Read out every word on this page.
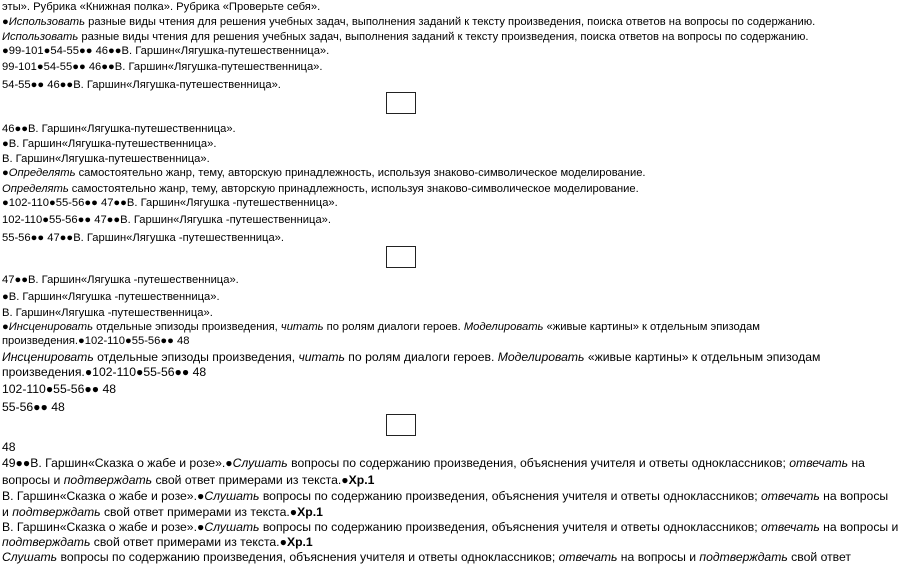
эты». Рубрика «Книжная полка». Рубрика «Проверьте себя».
●Использовать разные виды чтения для решения учебных задач, выполнения заданий к тексту произведения, поиска ответов на вопросы по содержанию.
Использовать разные виды чтения для решения учебных задач, выполнения заданий к тексту произведения, поиска ответов на вопросы по содержанию.
●99-101●54-55●● 46●●В. Гаршин«Лягушка-путешественница».
99-101●54-55●● 46●●В. Гаршин«Лягушка-путешественница».
54-55●● 46●●В. Гаршин«Лягушка-путешественница».
46●●В. Гаршин«Лягушка-путешественница».
●В. Гаршин«Лягушка-путешественница».
В. Гаршин«Лягушка-путешественница».
●Определять самостоятельно жанр, тему, авторскую принадлежность, используя знаково-символическое моделирование.
Определять самостоятельно жанр, тему, авторскую принадлежность, используя знаково-символическое моделирование.
●102-110●55-56●● 47●●В. Гаршин«Лягушка -путешественница».
102-110●55-56●● 47●●В. Гаршин«Лягушка -путешественница».
55-56●● 47●●В. Гаршин«Лягушка -путешественница».
47●●В. Гаршин«Лягушка -путешественница».
●В. Гаршин«Лягушка -путешественница».
В. Гаршин«Лягушка -путешественница».
●Инсценировать отдельные эпизоды произведения, читать по ролям диалоги героев. Моделировать «живые картины» к отдельным эпизодам
произведения.●102-110●55-56●● 48
Инсценировать отдельные эпизоды произведения, читать по ролям диалоги героев. Моделировать «живые картины» к отдельным эпизодам
произведения.●102-110●55-56●● 48
102-110●55-56●● 48
55-56●● 48
48
49●●В. Гаршин«Сказка о жабе и розе».●Слушать вопросы по содержанию произведения, объяснения учителя и ответы одноклассников; отвечать на
вопросы и подтверждать свой ответ примерами из текста.●Хр.1
В. Гаршин«Сказка о жабе и розе».●Слушать вопросы по содержанию произведения, объяснения учителя и ответы одноклассников; отвечать на вопросы
и подтверждать свой ответ примерами из текста.●Хр.1
В. Гаршин«Сказка о жабе и розе».●Слушать вопросы по содержанию произведения, объяснения учителя и ответы одноклассников; отвечать на вопросы и
подтверждать свой ответ примерами из текста.●Хр.1
Слушать вопросы по содержанию произведения, объяснения учителя и ответы одноклассников; отвечать на вопросы и подтверждать свой ответ
